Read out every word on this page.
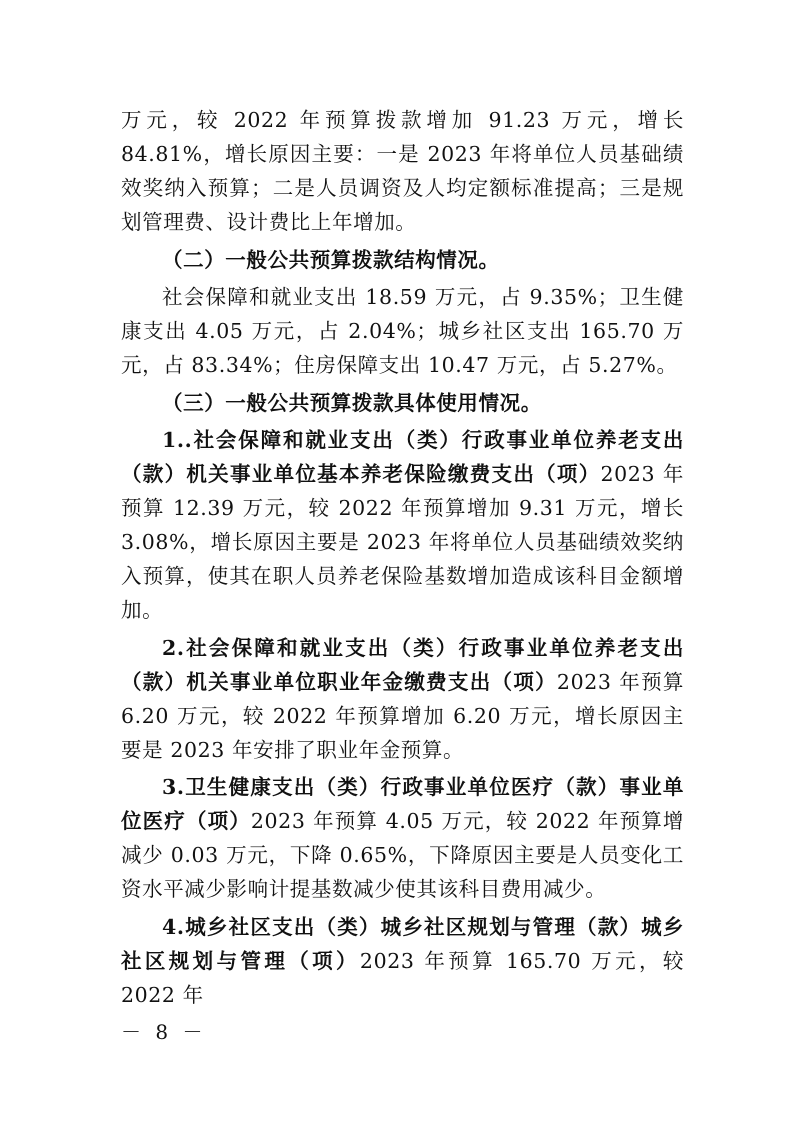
万元，较 2022 年预算拨款增加 91.23 万元，增长 84.81%，增长原因主要：一是 2023 年将单位人员基础绩效奖纳入预算；二是人员调资及人均定额标准提高；三是规划管理费、设计费比上年增加。

（二）一般公共预算拨款结构情况。

社会保障和就业支出 18.59 万元，占 9.35%；卫生健康支出 4.05 万元，占 2.04%；城乡社区支出 165.70 万元，占 83.34%；住房保障支出 10.47 万元，占 5.27%。

（三）一般公共预算拨款具体使用情况。

1..社会保障和就业支出（类）行政事业单位养老支出（款）机关事业单位基本养老保险缴费支出（项）2023 年预算 12.39 万元，较 2022 年预算增加 9.31 万元，增长 3.08%，增长原因主要是 2023 年将单位人员基础绩效奖纳入预算，使其在职人员养老保险基数增加造成该科目金额增加。

2.社会保障和就业支出（类）行政事业单位养老支出（款）机关事业单位职业年金缴费支出（项）2023 年预算 6.20 万元，较 2022 年预算增加 6.20 万元，增长原因主要是 2023 年安排了职业年金预算。

3.卫生健康支出（类）行政事业单位医疗（款）事业单位医疗（项）2023 年预算 4.05 万元，较 2022 年预算增减少 0.03 万元，下降 0.65%，下降原因主要是人员变化工资水平减少影响计提基数减少使其该科目费用减少。

4.城乡社区支出（类）城乡社区规划与管理（款）城乡社区规划与管理（项）2023 年预算 165.70 万元，较 2022 年

－ 8 －
